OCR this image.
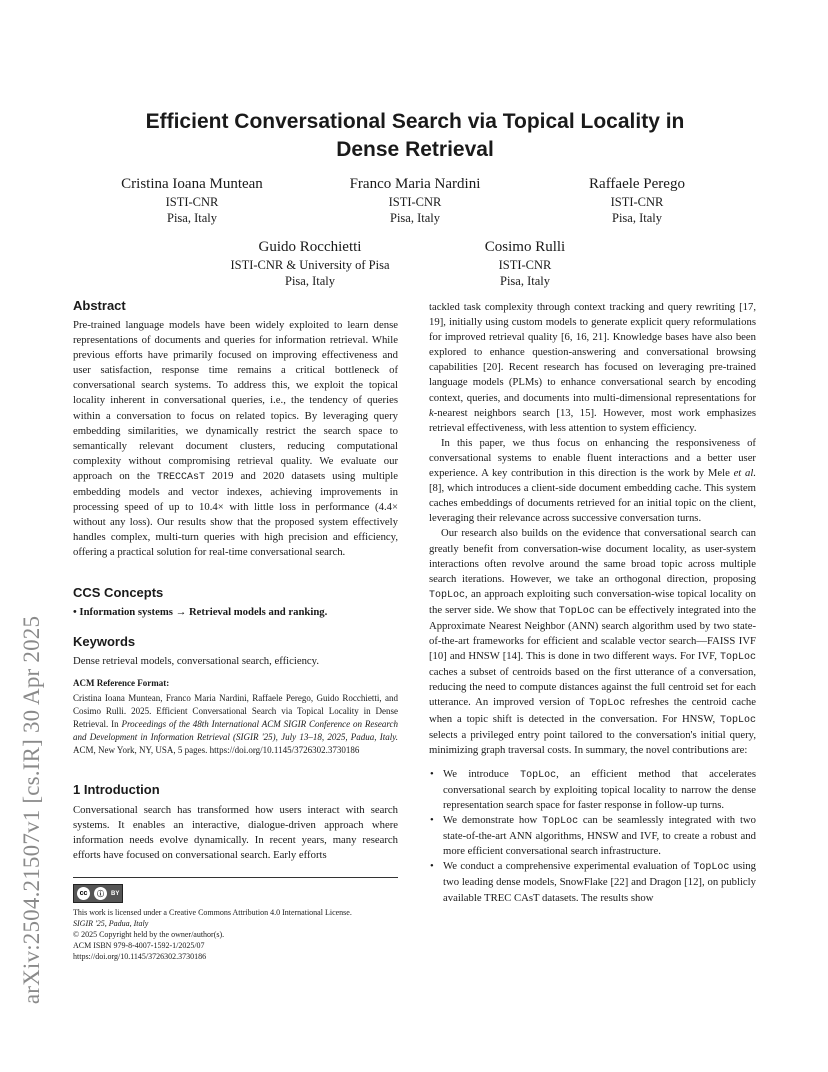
arXiv:2504.21507v1 [cs.IR] 30 Apr 2025
Efficient Conversational Search via Topical Locality in Dense Retrieval
Cristina Ioana Muntean
ISTI-CNR
Pisa, Italy
Franco Maria Nardini
ISTI-CNR
Pisa, Italy
Raffaele Perego
ISTI-CNR
Pisa, Italy
Guido Rocchietti
ISTI-CNR & University of Pisa
Pisa, Italy
Cosimo Rulli
ISTI-CNR
Pisa, Italy
Abstract

Pre-trained language models have been widely exploited to learn dense representations of documents and queries for information retrieval. While previous efforts have primarily focused on improving effectiveness and user satisfaction, response time remains a critical bottleneck of conversational search systems. To address this, we exploit the topical locality inherent in conversational queries, i.e., the tendency of queries within a conversation to focus on related topics. By leveraging query embedding similarities, we dynamically restrict the search space to semantically relevant document clusters, reducing computational complexity without compromising retrieval quality. We evaluate our approach on the TRECCAsT 2019 and 2020 datasets using multiple embedding models and vector indexes, achieving improvements in processing speed of up to 10.4× with little loss in performance (4.4× without any loss). Our results show that the proposed system effectively handles complex, multi-turn queries with high precision and efficiency, offering a practical solution for real-time conversational search.

CCS Concepts

• Information systems → Retrieval models and ranking.

Keywords

Dense retrieval models, conversational search, efficiency.

ACM Reference Format:

Cristina Ioana Muntean, Franco Maria Nardini, Raffaele Perego, Guido Rocchietti, and Cosimo Rulli. 2025. Efficient Conversational Search via Topical Locality in Dense Retrieval. In Proceedings of the 48th International ACM SIGIR Conference on Research and Development in Information Retrieval (SIGIR '25), July 13–18, 2025, Padua, Italy. ACM, New York, NY, USA, 5 pages. https://doi.org/10.1145/3726302.3730186

1 Introduction

Conversational search has transformed how users interact with search systems. It enables an interactive, dialogue-driven approach where information needs evolve dynamically. In recent years, many research efforts have focused on conversational search. Early efforts

cc	ⓘ	BY
This work is licensed under a Creative Commons Attribution 4.0 International License.
SIGIR '25, Padua, Italy
© 2025 Copyright held by the owner/author(s).
ACM ISBN 979-8-4007-1592-1/2025/07
https://doi.org/10.1145/3726302.3730186

tackled task complexity through context tracking and query rewriting [17, 19], initially using custom models to generate explicit query reformulations for improved retrieval quality [6, 16, 21]. Knowledge bases have also been explored to enhance question-answering and conversational browsing capabilities [20]. Recent research has focused on leveraging pre-trained language models (PLMs) to enhance conversational search by encoding context, queries, and documents into multi-dimensional representations for k-nearest neighbors search [13, 15]. However, most work emphasizes retrieval effectiveness, with less attention to system efficiency.

In this paper, we thus focus on enhancing the responsiveness of conversational systems to enable fluent interactions and a better user experience. A key contribution in this direction is the work by Mele et al. [8], which introduces a client-side document embedding cache. This system caches embeddings of documents retrieved for an initial topic on the client, leveraging their relevance across successive conversation turns.

Our research also builds on the evidence that conversational search can greatly benefit from conversation-wise document locality, as user-system interactions often revolve around the same broad topic across multiple search iterations. However, we take an orthogonal direction, proposing TopLoc, an approach exploiting such conversation-wise topical locality on the server side. We show that TopLoc can be effectively integrated into the Approximate Nearest Neighbor (ANN) search algorithm used by two state-of-the-art frameworks for efficient and scalable vector search—FAISS IVF [10] and HNSW [14]. This is done in two different ways. For IVF, TopLoc caches a subset of centroids based on the first utterance of a conversation, reducing the need to compute distances against the full centroid set for each utterance. An improved version of TopLoc refreshes the centroid cache when a topic shift is detected in the conversation. For HNSW, TopLoc selects a privileged entry point tailored to the conversation's initial query, minimizing graph traversal costs. In summary, the novel contributions are:

• We introduce TopLoc, an efficient method that accelerates conversational search by exploiting topical locality to narrow the dense representation search space for faster response in follow-up turns.
• We demonstrate how TopLoc can be seamlessly integrated with two state-of-the-art ANN algorithms, HNSW and IVF, to create a robust and more efficient conversational search infrastructure.
• We conduct a comprehensive experimental evaluation of TopLoc using two leading dense models, SnowFlake [22] and Dragon [12], on publicly available TREC CAsT datasets. The results show
